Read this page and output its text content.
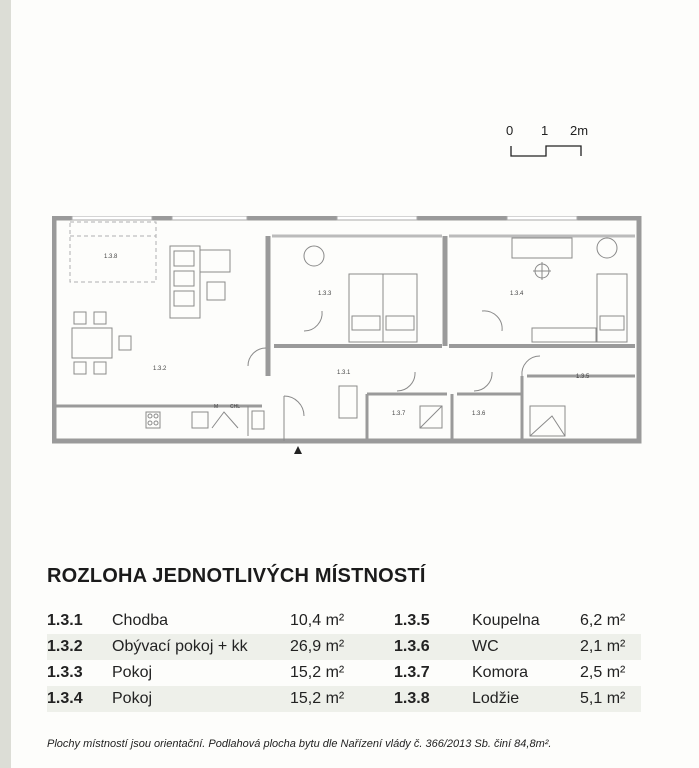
0 1 2m
1.3.8
1.3.2
1.3.3	1.3.4
1.3.1
1.3.5
1.3.7	1.3.6
M CHL
ROZLOHA JEDNOTLIVÝCH MÍSTNOSTÍ
1.3.1	Chodba	10,4 m²	1.3.5	Koupelna	6,2 m²
1.3.2	Obývací pokoj + kk	26,9 m²	1.3.6	WC	2,1 m²
1.3.3	Pokoj	15,2 m²	1.3.7	Komora	2,5 m²
1.3.4	Pokoj	15,2 m²	1.3.8	Lodžie	5,1 m²

Plochy místností jsou orientační. Podlahová plocha bytu dle Nařízení vlády č. 366/2013 Sb. činí 84,8m².
